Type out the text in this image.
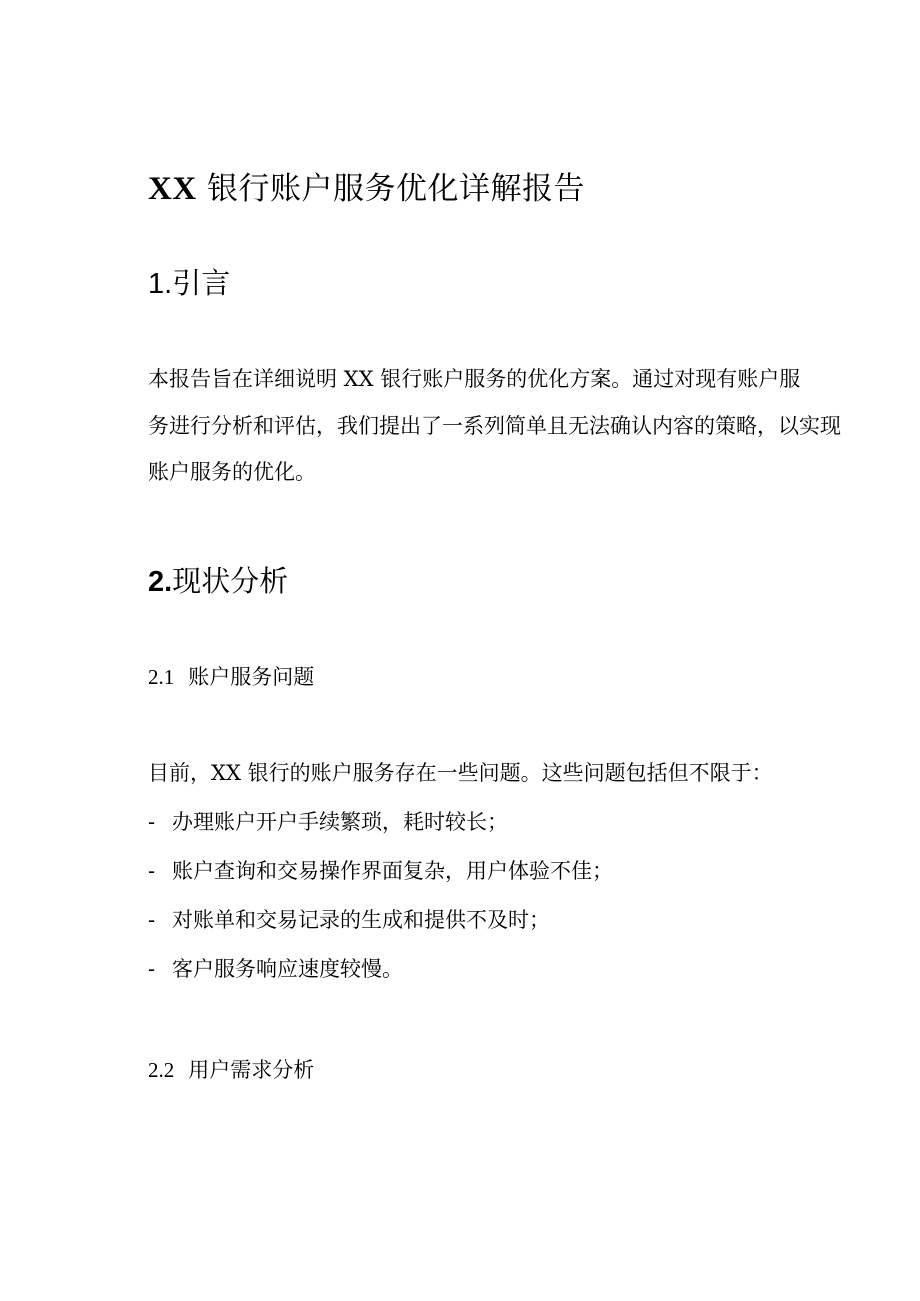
XX 银行账户服务优化详解报告
1.引言
本报告旨在详细说明 XX 银行账户服务的优化方案。通过对现有账户服
务进行分析和评估，我们提出了一系列简单且无法确认内容的策略，以实现
账户服务的优化。
2.现状分析
2.1 账户服务问题
目前，XX 银行的账户服务存在一些问题。这些问题包括但不限于：
- 办理账户开户手续繁琐，耗时较长；
- 账户查询和交易操作界面复杂，用户体验不佳；
- 对账单和交易记录的生成和提供不及时；
- 客户服务响应速度较慢。
2.2 用户需求分析
